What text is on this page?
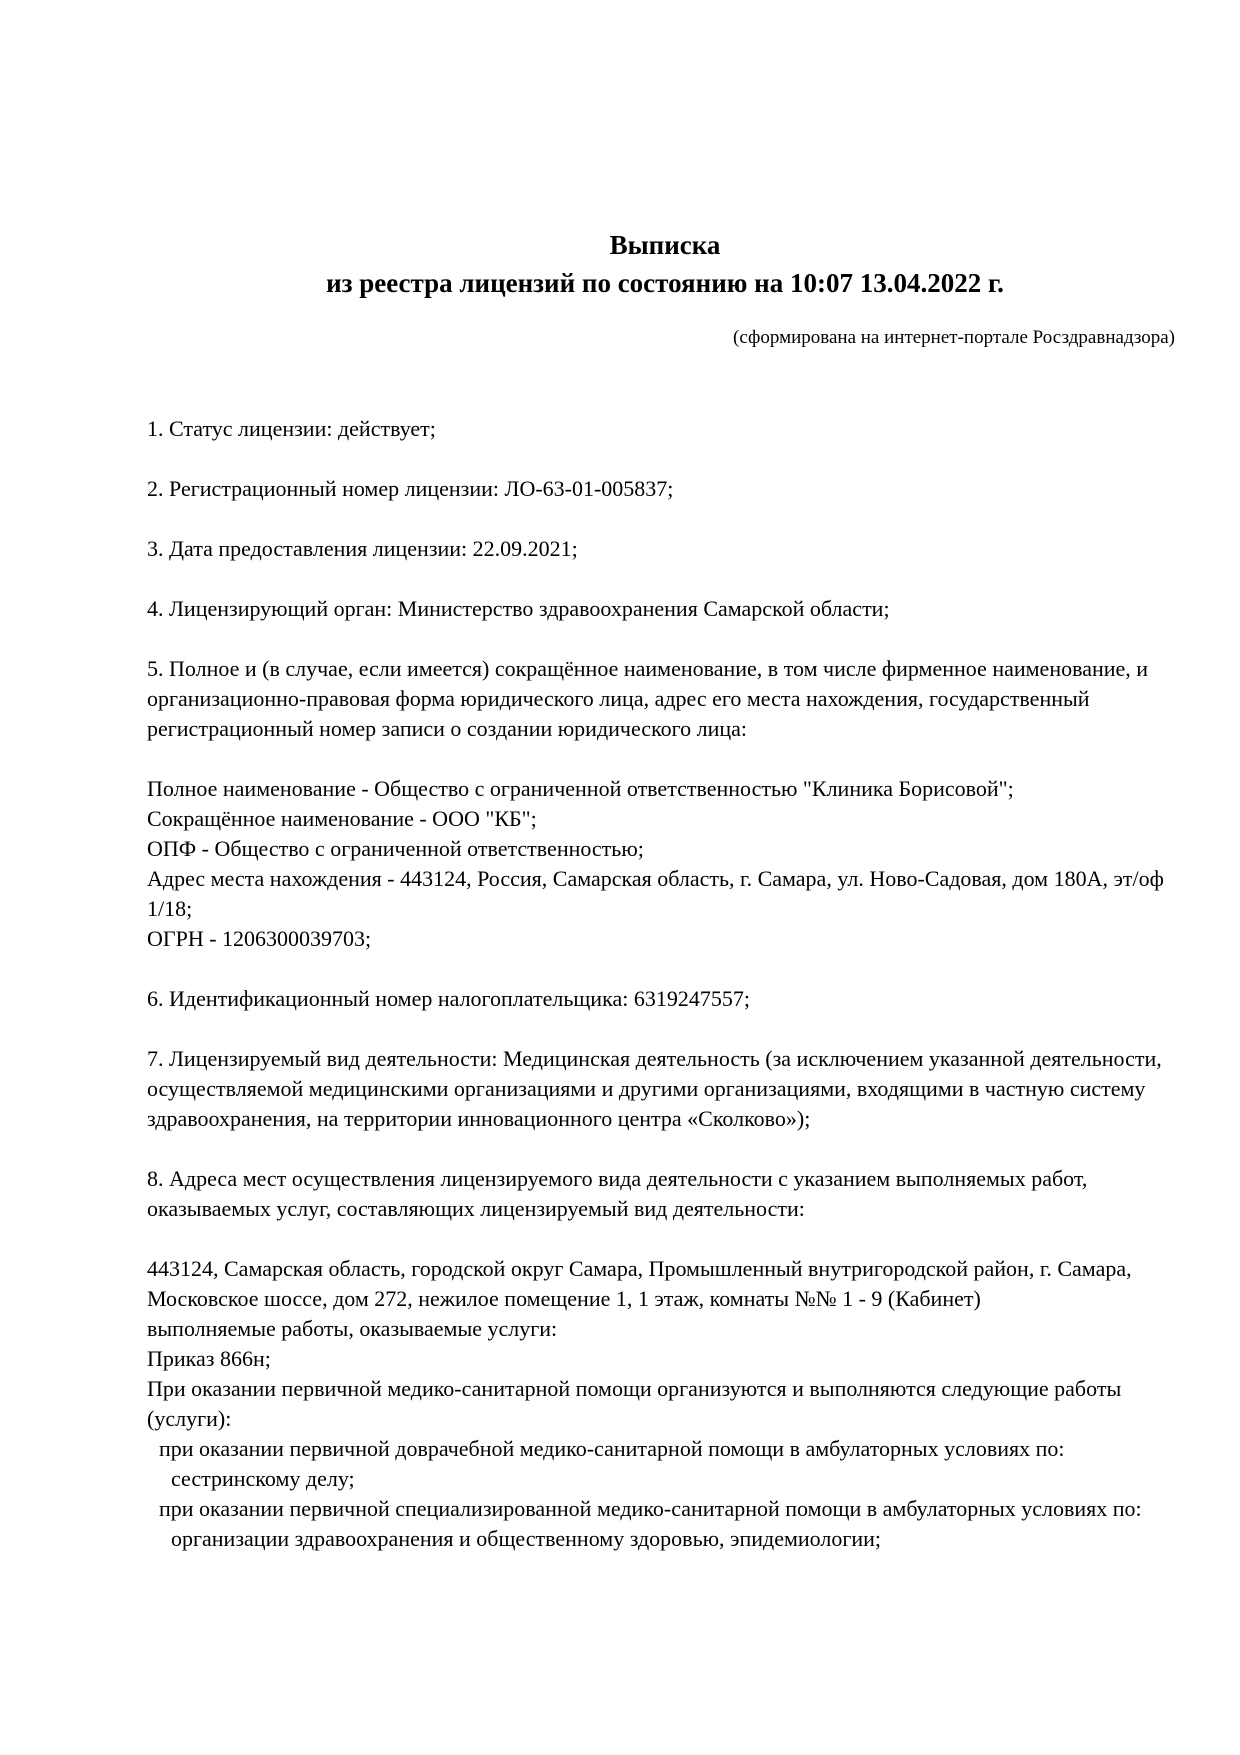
Выписка
из реестра лицензий по состоянию на 10:07 13.04.2022 г.
(сформирована на интернет-портале Росздравнадзора)

1. Статус лицензии: действует;

2. Регистрационный номер лицензии: ЛО-63-01-005837;

3. Дата предоставления лицензии: 22.09.2021;

4. Лицензирующий орган: Министерство здравоохранения Самарской области;

5. Полное и (в случае, если имеется) сокращённое наименование, в том числе фирменное наименование, и организационно-правовая форма юридического лица, адрес его места нахождения, государственный регистрационный номер записи о создании юридического лица:

Полное наименование - Общество с ограниченной ответственностью "Клиника Борисовой";

Сокращённое наименование - ООО "КБ";

ОПФ - Общество с ограниченной ответственностью;

Адрес места нахождения - 443124, Россия, Самарская область, г. Самара, ул. Ново-Садовая, дом 180А, эт/оф 1/18;

ОГРН - 1206300039703;

6. Идентификационный номер налогоплательщика: 6319247557;

7. Лицензируемый вид деятельности: Медицинская деятельность (за исключением указанной деятельности, осуществляемой медицинскими организациями и другими организациями, входящими в частную систему здравоохранения, на территории инновационного центра «Сколково»);

8. Адреса мест осуществления лицензируемого вида деятельности с указанием выполняемых работ, оказываемых услуг, составляющих лицензируемый вид деятельности:

443124, Самарская область, городской округ Самара, Промышленный внутригородской район, г. Самара, Московское шоссе, дом 272, нежилое помещение 1, 1 этаж, комнаты №№ 1 - 9 (Кабинет)

выполняемые работы, оказываемые услуги:

Приказ 866н;

При оказании первичной медико-санитарной помощи организуются и выполняются следующие работы (услуги):

при оказании первичной доврачебной медико-санитарной помощи в амбулаторных условиях по:

сестринскому делу;

при оказании первичной специализированной медико-санитарной помощи в амбулаторных условиях по:

организации здравоохранения и общественному здоровью, эпидемиологии;
